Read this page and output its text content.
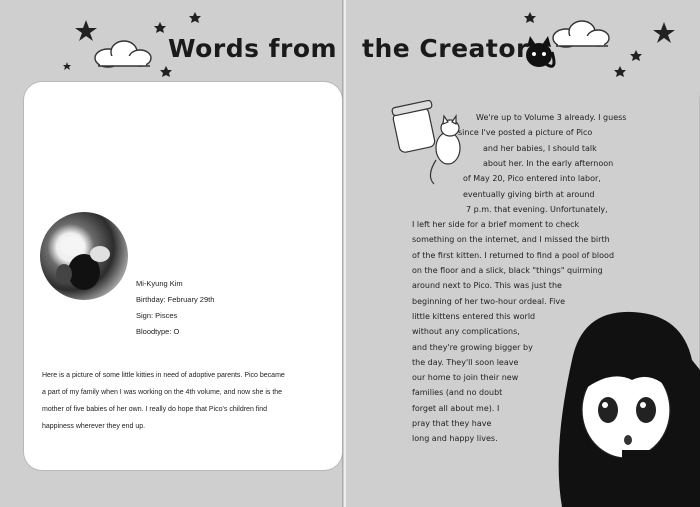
Mi-Kyung Kim
Birthday: February 29th
Sign: Pisces
Bloodtype: O
Here is a picture of some little kitties in need of adoptive parents. Pico became a part of my family when I was working on the 4th volume, and now she is the mother of five babies of her own. I really do hope that Pico's children find happiness wherever they end up.
We're up to Volume 3 already. I guess
since I've posted a picture of Pico
and her babies, I should talk
about her. In the early afternoon
of May 20, Pico entered into labor,
eventually giving birth at around
7 p.m. that evening. Unfortunately,
I left her side for a brief moment to check
something on the internet, and I missed the birth
of the first kitten. I returned to find a pool of blood
on the floor and a slick, black "things" quirming
around next to Pico. This was just the
beginning of her two-hour ordeal. Five
little kittens entered this world
without any complications,
and they're growing bigger by
the day. They'll soon leave
our home to join their new
families (and no doubt
forget all about me). I
pray that they have
long and happy lives.
Words from the Creator
